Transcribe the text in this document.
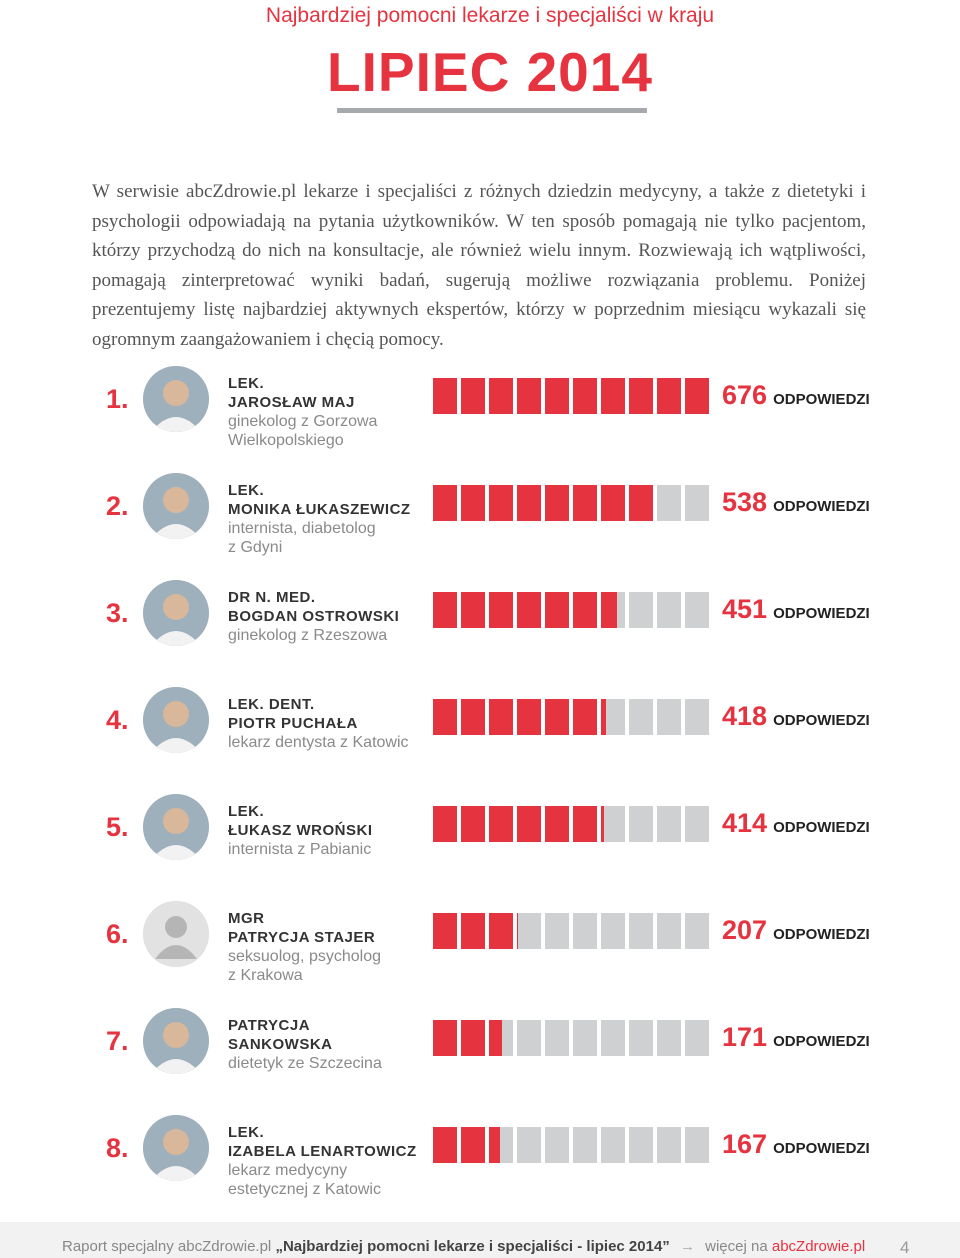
Najbardziej pomocni lekarze i specjaliści w kraju
LIPIEC 2014

W serwisie abcZdrowie.pl lekarze i specjaliści z różnych dziedzin medycyny, a także z dietetyki i psychologii odpowiadają na pytania użytkowników. W ten sposób pomagają nie tylko pacjentom, którzy przychodzą do nich na konsultacje, ale również wielu innym. Rozwiewają ich wątpliwości, pomagają zinterpretować wyniki badań, sugerują możliwe rozwiązania problemu. Poniżej prezentujemy listę najbardziej aktywnych ekspertów, którzy w poprzednim miesiącu wykazali się ogromnym zaangażowaniem i chęcią pomocy.

1.
LEK.
JAROSŁAW MAJ
ginekolog z Gorzowa
Wielkopolskiego
676 ODPOWIEDZI
2.
LEK.
MONIKA ŁUKASZEWICZ
internista, diabetolog
z Gdyni
538 ODPOWIEDZI
3.
DR N. MED.
BOGDAN OSTROWSKI
ginekolog z Rzeszowa
451 ODPOWIEDZI
4.
LEK. DENT.
PIOTR PUCHAŁA
lekarz dentysta z Katowic
418 ODPOWIEDZI
5.
LEK.
ŁUKASZ WROŃSKI
internista z Pabianic
414 ODPOWIEDZI
6.
MGR
PATRYCJA STAJER
seksuolog, psycholog
z Krakowa
207 ODPOWIEDZI
7.
PATRYCJA
SANKOWSKA
dietetyk ze Szczecina
171 ODPOWIEDZI
8.
LEK.
IZABELA LENARTOWICZ
lekarz medycyny
estetycznej z Katowic
167 ODPOWIEDZI
Raport specjalny abcZdrowie.pl „Najbardziej pomocni lekarze i specjaliści - lipiec 2014” → więcej na abcZdrowie.pl 4
